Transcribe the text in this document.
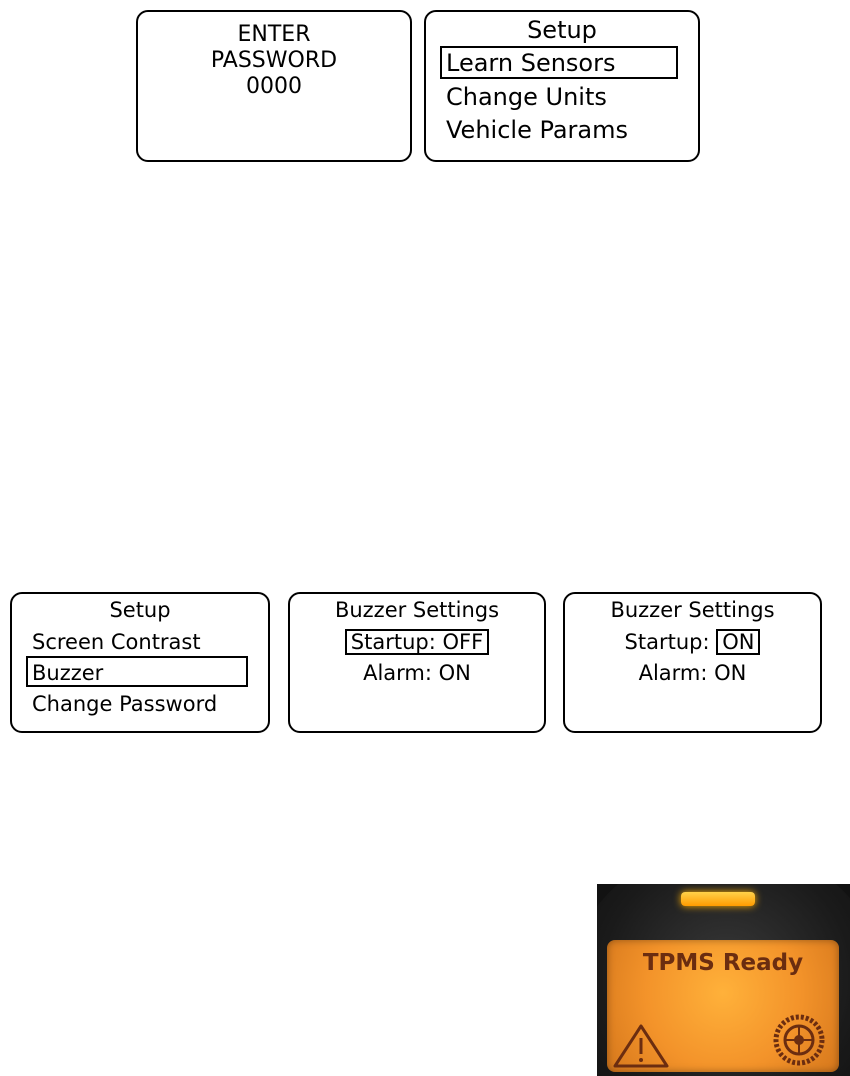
ENTER
PASSWORD
0000
Setup
Learn Sensors
Change Units
Vehicle Params
Setup
Screen Contrast
Buzzer
Change Password
Buzzer Settings
Startup: OFF
Alarm: ON
Buzzer Settings
Startup: ON
Alarm: ON
TPMS Ready
